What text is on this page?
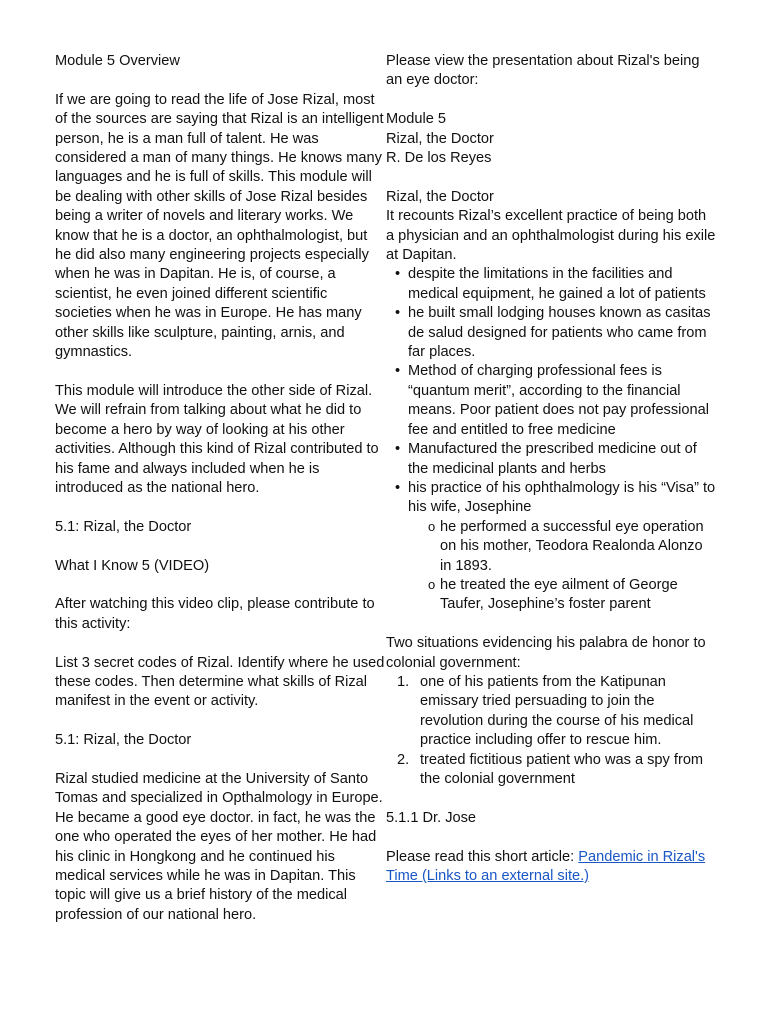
Module 5 Overview

If we are going to read the life of Jose Rizal, most of the sources are saying that Rizal is an intelligent person, he is a man full of talent. He was considered a man of many things. He knows many languages and he is full of skills. This module will be dealing with other skills of Jose Rizal besides being a writer of novels and literary works. We know that he is a doctor, an ophthalmologist, but he did also many engineering projects especially when he was in Dapitan. He is, of course, a scientist, he even joined different scientific societies when he was in Europe. He has many other skills like sculpture, painting, arnis, and gymnastics.

This module will introduce the other side of Rizal. We will refrain from talking about what he did to become a hero by way of looking at his other activities. Although this kind of Rizal contributed to his fame and always included when he is introduced as the national hero.

5.1: Rizal, the Doctor

What I Know 5 (VIDEO)

After watching this video clip, please contribute to this activity:

List 3 secret codes of Rizal. Identify where he used these codes. Then determine what skills of Rizal manifest in the event or activity.

5.1: Rizal, the Doctor

Rizal studied medicine at the University of Santo Tomas and specialized in Opthalmology in Europe. He became a good eye doctor. in fact, he was the one who operated the eyes of her mother. He had his clinic in Hongkong and he continued his medical services while he was in Dapitan. This topic will give us a brief history of the medical profession of our national hero.

Please view the presentation about Rizal's being an eye doctor:

Module 5

Rizal, the Doctor

R. De los Reyes

Rizal, the Doctor

It recounts Rizal’s excellent practice of being both a physician and an ophthalmologist during his exile at Dapitan.

• despite the limitations in the facilities and medical equipment, he gained a lot of patients
• he built small lodging houses known as casitas de salud designed for patients who came from far places.
• Method of charging professional fees is “quantum merit”, according to the financial means. Poor patient does not pay professional fee and entitled to free medicine
• Manufactured the prescribed medicine out of the medicinal plants and herbs
• his practice of his ophthalmology is his “Visa” to his wife, Josephine
o he performed a successful eye operation on his mother, Teodora Realonda Alonzo in 1893.
o he treated the eye ailment of George Taufer, Josephine’s foster parent

Two situations evidencing his palabra de honor to colonial government:

1. one of his patients from the Katipunan emissary tried persuading to join the revolution during the course of his medical practice including offer to rescue him.
2. treated fictitious patient who was a spy from the colonial government

5.1.1 Dr. Jose

Please read this short article: Pandemic in Rizal's Time (Links to an external site.)
